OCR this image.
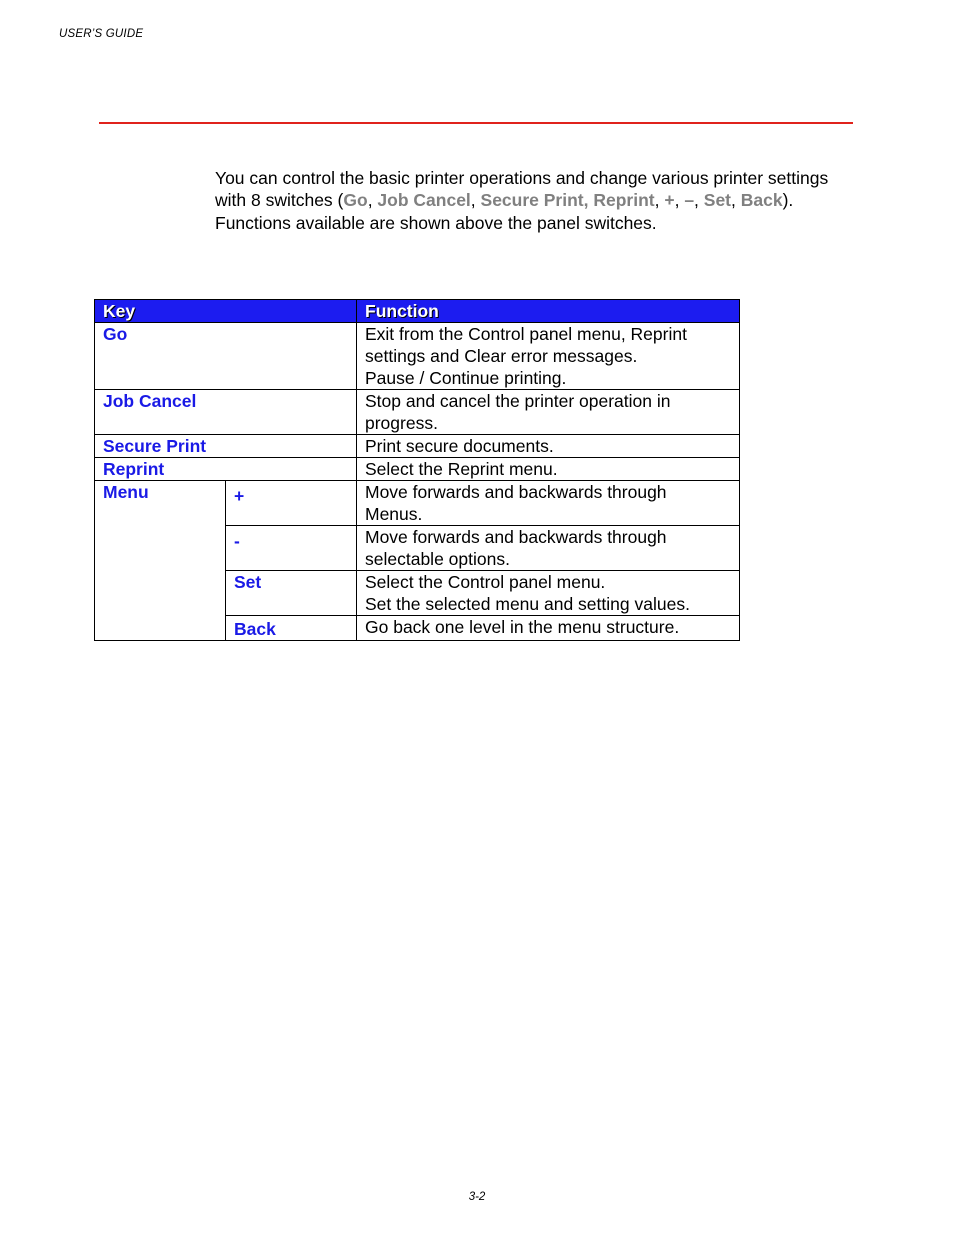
USER’S GUIDE

You can control the basic printer operations and change various printer settings with 8 switches (Go, Job Cancel, Secure Print, Reprint, +, –, Set, Back). Functions available are shown above the panel switches.

Key		Function
Go		Exit from the Control panel menu, Reprint
settings and Clear error messages.
Pause / Continue printing.

Job Cancel		Stop and cancel the printer operation in
progress.

Secure Print		Print secure documents.
Reprint		Select the Reprint menu.
Menu	+	Move forwards and backwards through
Menus.

	-	Move forwards and backwards through
selectable options.

	Set	Select the Control panel menu.
Set the selected menu and setting values.

	Back	Go back one level in the menu structure.
3-2
